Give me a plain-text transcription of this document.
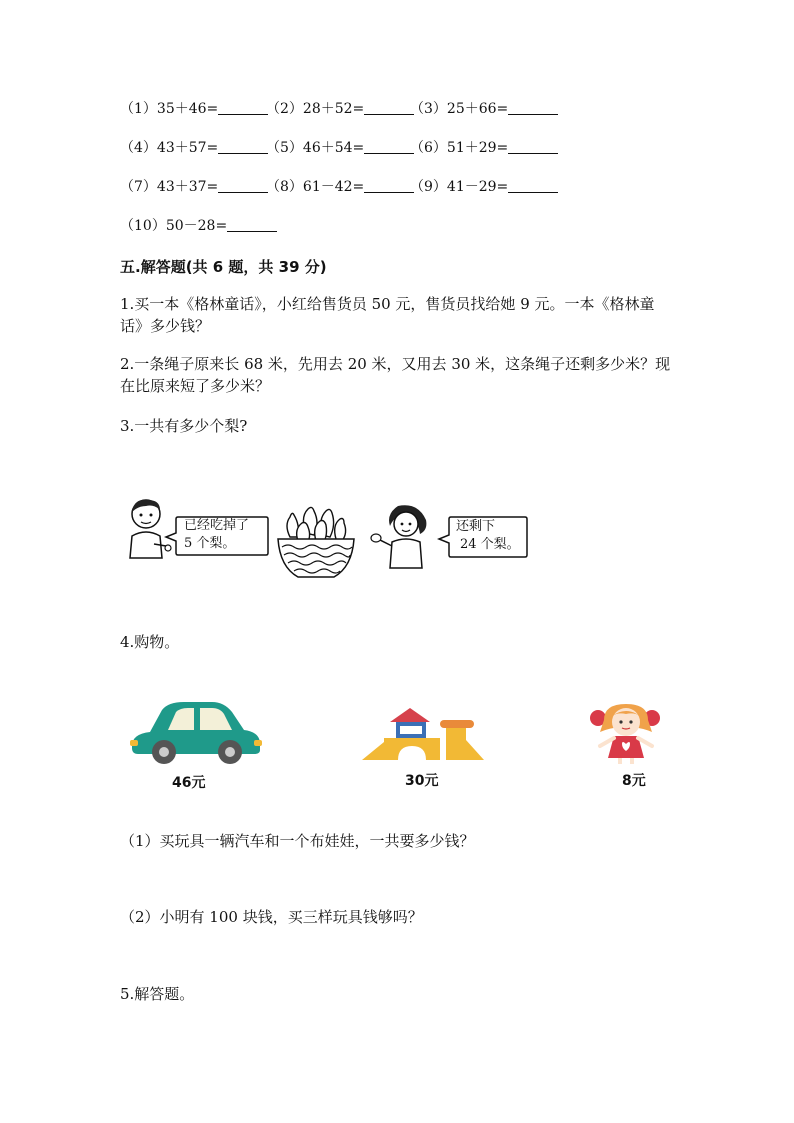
（1）35＋46=	（2）28＋52=	（3）25＋66=
（4）43＋57=	（5）46＋54=	（6）51＋29=
（7）43＋37=	（8）61－42=	（9）41－29=
（10）50－28=
五.解答题(共 6 题，共 39 分)
1.买一本《格林童话》，小红给售货员 50 元，售货员找给她 9 元。一本《格林童话》多少钱？
2.一条绳子原来长 68 米，先用去 20 米，又用去 30 米，这条绳子还剩多少米？现在比原来短了多少米？
3.一共有多少个梨?
已经吃掉了
5 个梨。
还剩下
24 个梨。
4.购物。
46元	30元	8元
（1）买玩具一辆汽车和一个布娃娃，一共要多少钱？
（2）小明有 100 块钱，买三样玩具钱够吗？
5.解答题。
